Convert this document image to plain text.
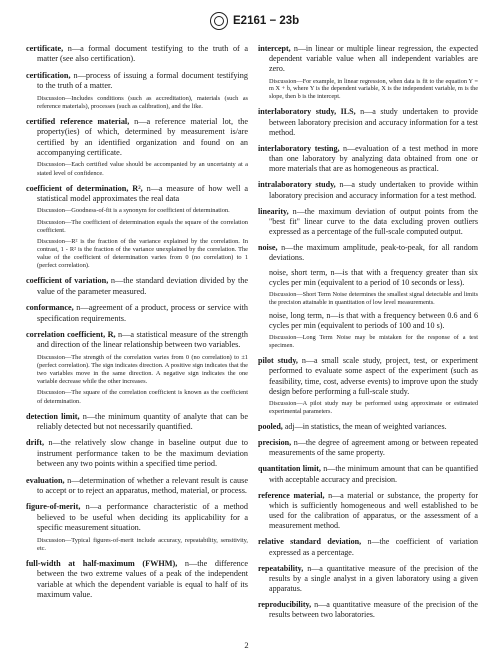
E2161 − 23b

certificate, n—a formal document testifying to the truth of a matter (see also certification).

certification, n—process of issuing a formal document testifying to the truth of a matter.

Discussion—Includes conditions (such as accreditation), materials (such as reference materials), processes (such as calibration), and the like.

certified reference material, n—a reference material lot, the property(ies) of which, determined by measurement is/are certified by an identified organization and found on an accompanying certificate.

Discussion—Each certified value should be accompanied by an uncertainty at a stated level of confidence.

coefficient of determination, R², n—a measure of how well a statistical model approximates the real data

Discussion—Goodness-of-fit is a synonym for coefficient of determination.

Discussion—The coefficient of determination equals the square of the correlation coefficient.

Discussion—R² is the fraction of the variance explained by the correlation. In contrast, 1 - R² is the fraction of the variance unexplained by the correlation. The value of the coefficient of determination varies from 0 (no correlation) to 1 (perfect correlation).

coefficient of variation, n—the standard deviation divided by the value of the parameter measured.

conformance, n—agreement of a product, process or service with specification requirements.

correlation coefficient, R, n—a statistical measure of the strength and direction of the linear relationship between two variables.

Discussion—The strength of the correlation varies from 0 (no correlation) to ±1 (perfect correlation). The sign indicates direction. A positive sign indicates that the two variables move in the same direction. A negative sign indicates the one variable decrease while the other increases.

Discussion—The square of the correlation coefficient is known as the coefficient of determination.

detection limit, n—the minimum quantity of analyte that can be reliably detected but not necessarily quantified.

drift, n—the relatively slow change in baseline output due to instrument performance taken to be the maximum deviation between any two points within a specified time period.

evaluation, n—determination of whether a relevant result is cause to accept or to reject an apparatus, method, material, or process.

figure-of-merit, n—a performance characteristic of a method believed to be useful when deciding its applicability for a specific measurement situation.

Discussion—Typical figures-of-merit include accuracy, repeatability, sensitivity, etc.

full-width at half-maximum (FWHM), n—the difference between the two extreme values of a peak of the independent variable at which the dependent variable is equal to half of its maximum value.

intercept, n—in linear or multiple linear regression, the expected dependent variable value when all independent variables are zero.

Discussion—For example, in linear regression, when data is fit to the equation Y = m X + b, where Y is the dependent variable, X is the independent variable, m is the slope, then b is the intercept.

interlaboratory study, ILS, n—a study undertaken to provide between laboratory precision and accuracy information for a test method.

interlaboratory testing, n—evaluation of a test method in more than one laboratory by analyzing data obtained from one or more materials that are as homogeneous as practical.

intralaboratory study, n—a study undertaken to provide within laboratory precision and accuracy information for a test method.

linearity, n—the maximum deviation of output points from the "best fit" linear curve to the data excluding proven outliers expressed as a percentage of the full-scale computed output.

noise, n—the maximum amplitude, peak-to-peak, for all random deviations.

noise, short term, n—is that with a frequency greater than six cycles per min (equivalent to a period of 10 seconds or less).

Discussion—Short Term Noise determines the smallest signal detectable and limits the precision attainable in quantitation of low level measurements.

noise, long term, n—is that with a frequency between 0.6 and 6 cycles per min (equivalent to periods of 100 and 10 s).

Discussion—Long Term Noise may be mistaken for the response of a test specimen.

pilot study, n—a small scale study, project, test, or experiment performed to evaluate some aspect of the experiment (such as feasibility, time, cost, adverse events) to improve upon the study design before performing a full-scale study.

Discussion—A pilot study may be performed using approximate or estimated experimental parameters.

pooled, adj—in statistics, the mean of weighted variances.

precision, n—the degree of agreement among or between repeated measurements of the same property.

quantitation limit, n—the minimum amount that can be quantified with acceptable accuracy and precision.

reference material, n—a material or substance, the property for which is sufficiently homogeneous and well established to be used for the calibration of apparatus, or the assessment of a measurement method.

relative standard deviation, n—the coefficient of variation expressed as a percentage.

repeatability, n—a quantitative measure of the precision of the results by a single analyst in a given laboratory using a given apparatus.

reproducibility, n—a quantitative measure of the precision of the results between two laboratories.

2
